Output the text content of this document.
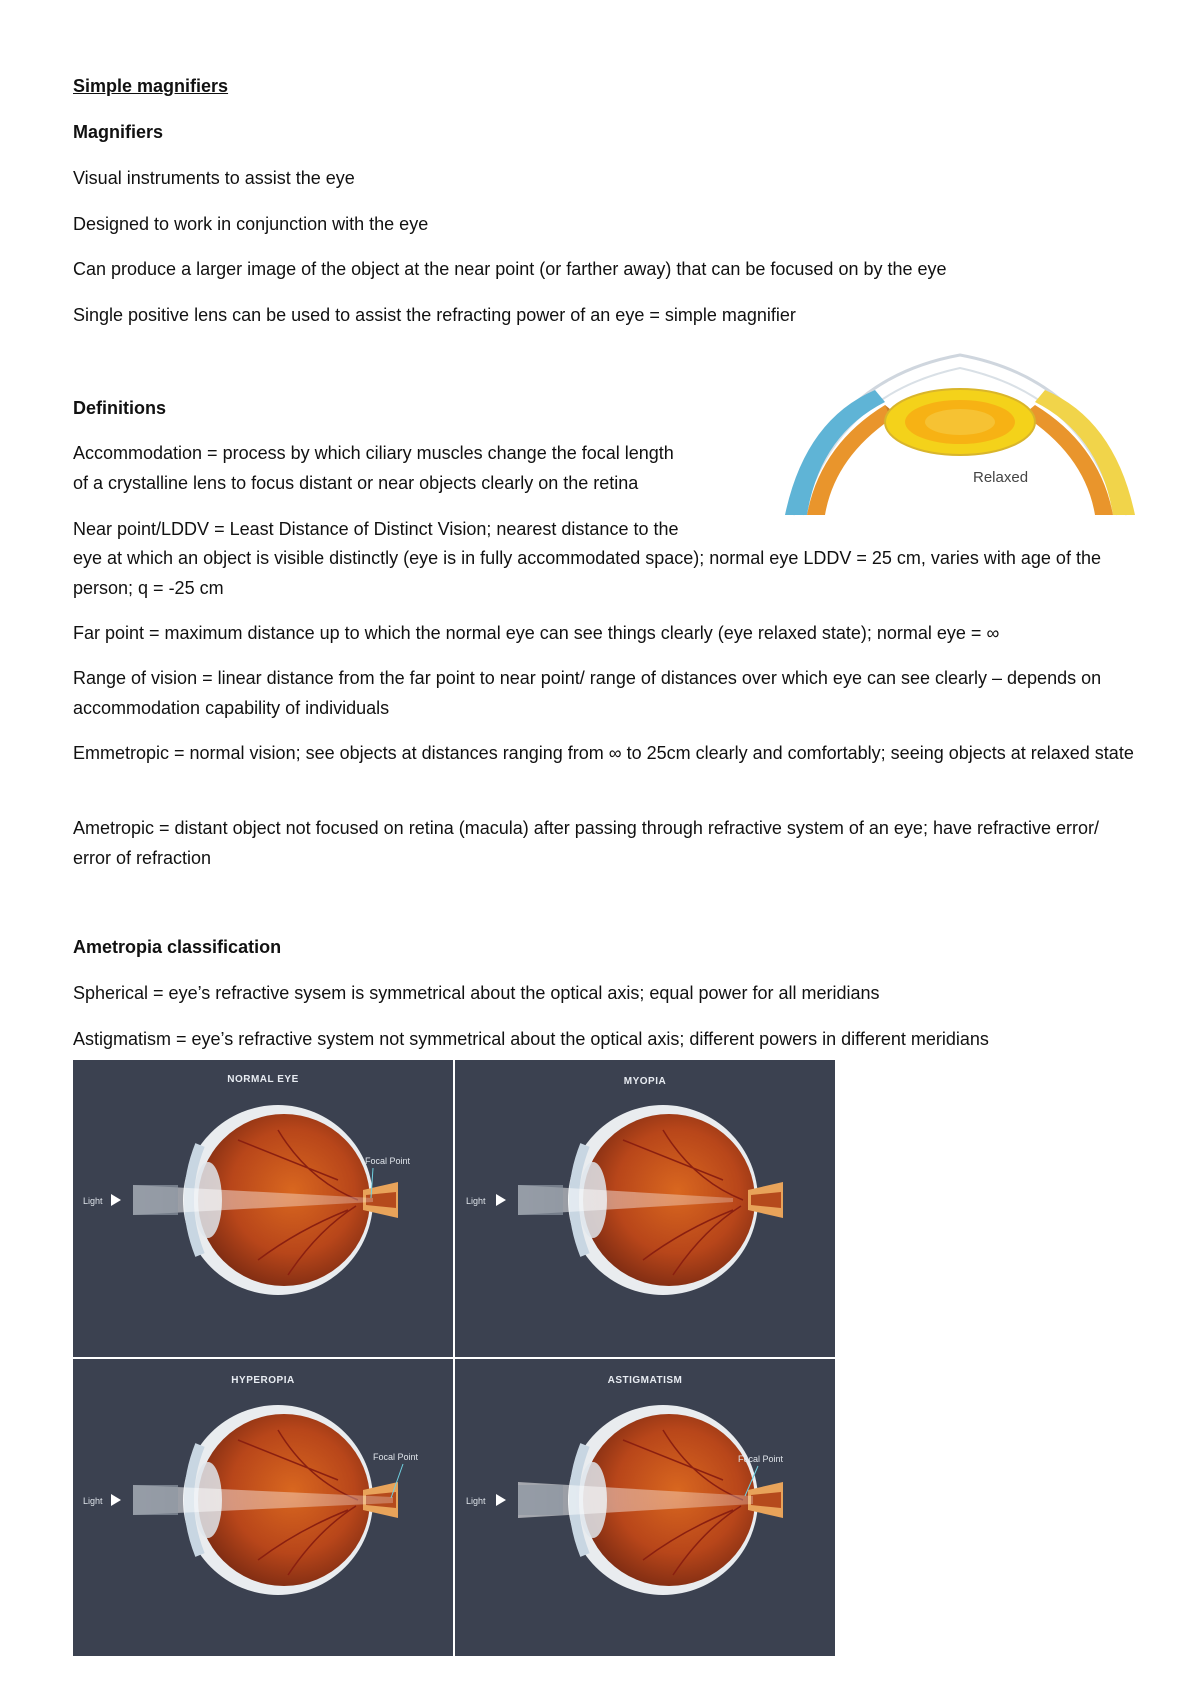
Simple magnifiers
Magnifiers
Visual instruments to assist the eye
Designed to work in conjunction with the eye
Can produce a larger image of the object at the near point (or farther away) that can be focused on by the eye
Single positive lens can be used to assist the refracting power of an eye = simple magnifier
Definitions
Accommodation = process by which ciliary muscles change the focal length
of a crystalline lens to focus distant or near objects clearly on the retina
Near point/LDDV = Least Distance of Distinct Vision; nearest distance to the
eye at which an object is visible distinctly (eye is in fully accommodated space); normal eye LDDV = 25 cm, varies with age of the person; q = -25 cm
Far point = maximum distance up to which the normal eye can see things clearly (eye relaxed state); normal eye = ∞
Range of vision = linear distance from the far point to near point/ range of distances over which eye can see clearly – depends on accommodation capability of individuals
Emmetropic = normal vision; see objects at distances ranging from ∞ to 25cm clearly and comfortably; seeing objects at relaxed state
Ametropic = distant object not focused on retina (macula) after passing through refractive system of an eye; have refractive error/ error of refraction
Ametropia classification
Spherical = eye’s refractive sysem is symmetrical about the optical axis; equal power for all meridians
Astigmatism = eye’s refractive system not symmetrical about the optical axis; different powers in different meridians
Relaxed
NORMAL EYE
Light
Focal Point
MYOPIA
Light
HYPEROPIA
Light
Focal Point
ASTIGMATISM
Light
Focal Point
